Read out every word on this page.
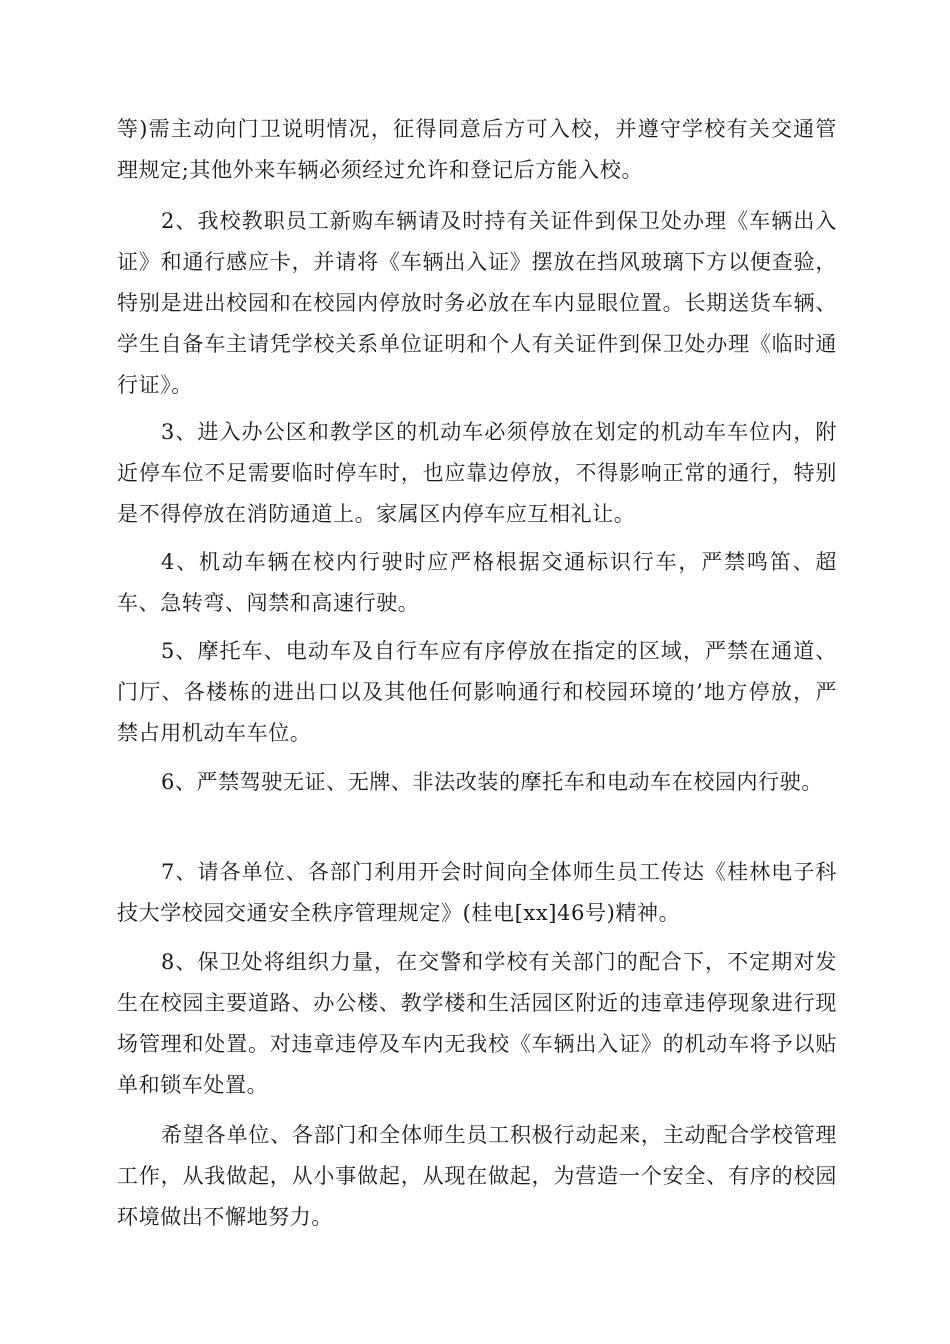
等)需主动向门卫说明情况，征得同意后方可入校，并遵守学校有关交通管理规定;其他外来车辆必须经过允许和登记后方能入校。

2、我校教职员工新购车辆请及时持有关证件到保卫处办理《车辆出入证》和通行感应卡，并请将《车辆出入证》摆放在挡风玻璃下方以便查验，特别是进出校园和在校园内停放时务必放在车内显眼位置。长期送货车辆、学生自备车主请凭学校关系单位证明和个人有关证件到保卫处办理《临时通行证》。

3、进入办公区和教学区的机动车必须停放在划定的机动车车位内，附近停车位不足需要临时停车时，也应靠边停放，不得影响正常的通行，特别是不得停放在消防通道上。家属区内停车应互相礼让。

4、机动车辆在校内行驶时应严格根据交通标识行车，严禁鸣笛、超车、急转弯、闯禁和高速行驶。

5、摩托车、电动车及自行车应有序停放在指定的区域，严禁在通道、门厅、各楼栋的进出口以及其他任何影响通行和校园环境的’地方停放，严禁占用机动车车位。

6、严禁驾驶无证、无牌、非法改装的摩托车和电动车在校园内行驶。

7、请各单位、各部门利用开会时间向全体师生员工传达《桂林电子科技大学校园交通安全秩序管理规定》(桂电[xx]46号)精神。

8、保卫处将组织力量，在交警和学校有关部门的配合下，不定期对发生在校园主要道路、办公楼、教学楼和生活园区附近的违章违停现象进行现场管理和处置。对违章违停及车内无我校《车辆出入证》的机动车将予以贴单和锁车处置。

希望各单位、各部门和全体师生员工积极行动起来，主动配合学校管理工作，从我做起，从小事做起，从现在做起，为营造一个安全、有序的校园环境做出不懈地努力。
